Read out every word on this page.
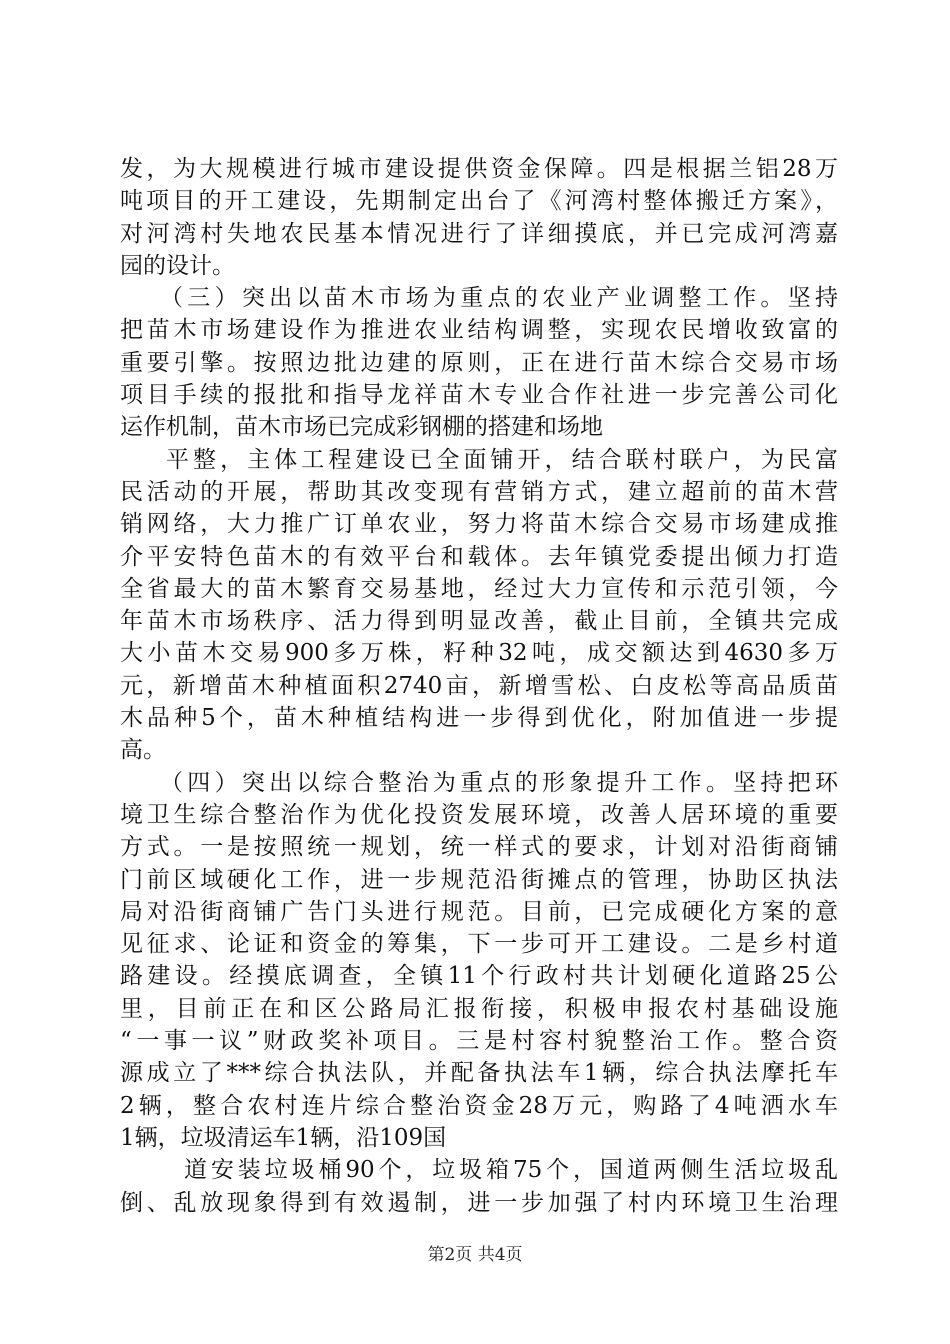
发，为大规模进行城市建设提供资金保障。四是根据兰铝28万
吨项目的开工建设，先期制定出台了《河湾村整体搬迁方案》，
对河湾村失地农民基本情况进行了详细摸底，并已完成河湾嘉
园的设计。
（三）突出以苗木市场为重点的农业产业调整工作。坚持
把苗木市场建设作为推进农业结构调整，实现农民增收致富的
重要引擎。按照边批边建的原则，正在进行苗木综合交易市场
项目手续的报批和指导龙祥苗木专业合作社进一步完善公司化
运作机制，苗木市场已完成彩钢棚的搭建和场地
平整，主体工程建设已全面铺开，结合联村联户，为民富
民活动的开展，帮助其改变现有营销方式，建立超前的苗木营
销网络，大力推广订单农业，努力将苗木综合交易市场建成推
介平安特色苗木的有效平台和载体。去年镇党委提出倾力打造
全省最大的苗木繁育交易基地，经过大力宣传和示范引领，今
年苗木市场秩序、活力得到明显改善，截止目前，全镇共完成
大小苗木交易900多万株，籽种32吨，成交额达到4630多万
元，新增苗木种植面积2740亩，新增雪松、白皮松等高品质苗
木品种5个，苗木种植结构进一步得到优化，附加值进一步提
高。
（四）突出以综合整治为重点的形象提升工作。坚持把环
境卫生综合整治作为优化投资发展环境，改善人居环境的重要
方式。一是按照统一规划，统一样式的要求，计划对沿街商铺
门前区域硬化工作，进一步规范沿街摊点的管理，协助区执法
局对沿街商铺广告门头进行规范。目前，已完成硬化方案的意
见征求、论证和资金的筹集，下一步可开工建设。二是乡村道
路建设。经摸底调查，全镇11个行政村共计划硬化道路25公
里，目前正在和区公路局汇报衔接，积极申报农村基础设施
“一事一议”财政奖补项目。三是村容村貌整治工作。整合资
源成立了***综合执法队，并配备执法车1辆，综合执法摩托车
2辆，整合农村连片综合整治资金28万元，购路了4吨洒水车
1辆，垃圾清运车1辆，沿109国
道安装垃圾桶90个，垃圾箱75个，国道两侧生活垃圾乱
倒、乱放现象得到有效遏制，进一步加强了村内环境卫生治理
第2页 共4页
